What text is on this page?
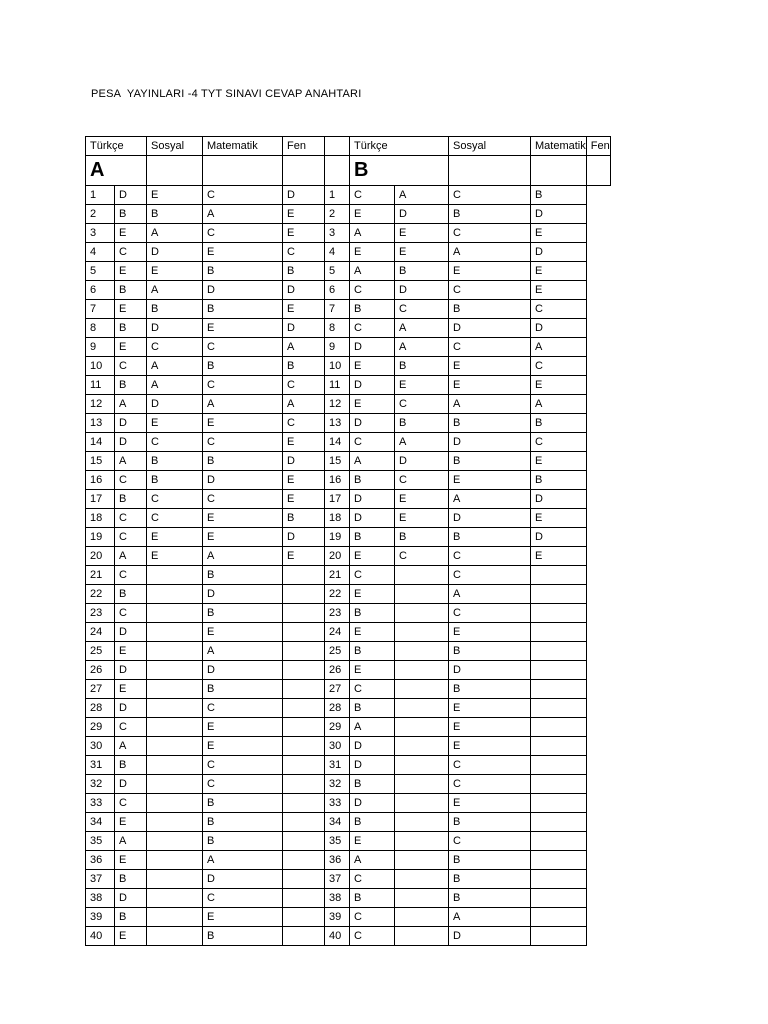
PESA  YAYINLARI -4 TYT SINAVI CEVAP ANAHTARI
Türkçe		Sosyal	Matematik	Fen		Türkçe		Sosyal	Matematik	Fen
A						B				
1	D	E	C	D	1	C	A	C	B	
2	B	B	A	E	2	E	D	B	D	
3	E	A	C	E	3	A	E	C	E	
4	C	D	E	C	4	E	E	A	D	
5	E	E	B	B	5	A	B	E	E	
6	B	A	D	D	6	C	D	C	E	
7	E	B	B	E	7	B	C	B	C	
8	B	D	E	D	8	C	A	D	D	
9	E	C	C	A	9	D	A	C	A	
10	C	A	B	B	10	E	B	E	C	
11	B	A	C	C	11	D	E	E	E	
12	A	D	A	A	12	E	C	A	A	
13	D	E	E	C	13	D	B	B	B	
14	D	C	C	E	14	C	A	D	C	
15	A	B	B	D	15	A	D	B	E	
16	C	B	D	E	16	B	C	E	B	
17	B	C	C	E	17	D	E	A	D	
18	C	C	E	B	18	D	E	D	E	
19	C	E	E	D	19	B	B	B	D	
20	A	E	A	E	20	E	C	C	E	
21	C		B		21	C		C		
22	B		D		22	E		A		
23	C		B		23	B		C		
24	D		E		24	E		E		
25	E		A		25	B		B		
26	D		D		26	E		D		
27	E		B		27	C		B		
28	D		C		28	B		E		
29	C		E		29	A		E		
30	A		E		30	D		E		
31	B		C		31	D		C		
32	D		C		32	B		C		
33	C		B		33	D		E		
34	E		B		34	B		B		
35	A		B		35	E		C		
36	E		A		36	A		B		
37	B		D		37	C		B		
38	D		C		38	B		B		
39	B		E		39	C		A		
40	E		B		40	C		D		
